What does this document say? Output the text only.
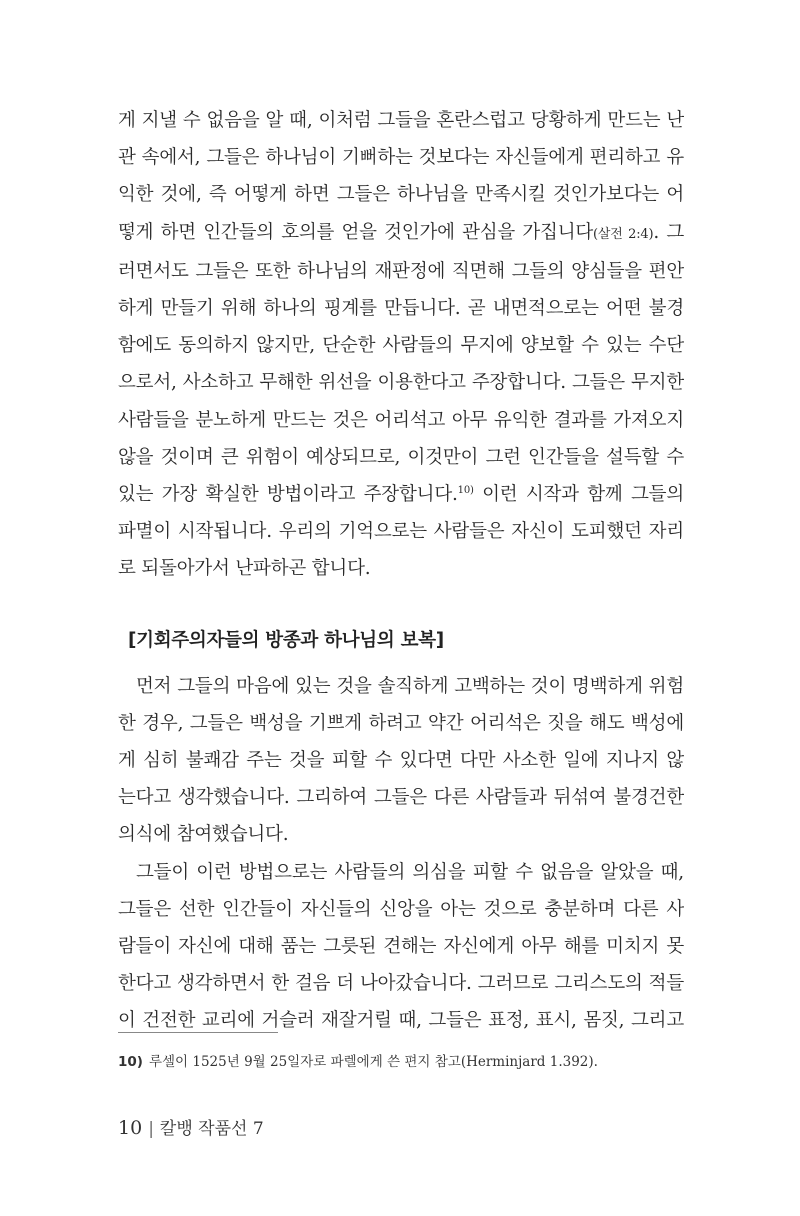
게 지낼 수 없음을 알 때, 이처럼 그들을 혼란스럽고 당황하게 만드는 난

관 속에서, 그들은 하나님이 기뻐하는 것보다는 자신들에게 편리하고 유

익한 것에, 즉 어떻게 하면 그들은 하나님을 만족시킬 것인가보다는 어

떻게 하면 인간들의 호의를 얻을 것인가에 관심을 가집니다(살전 2:4). 그

러면서도 그들은 또한 하나님의 재판정에 직면해 그들의 양심들을 편안

하게 만들기 위해 하나의 핑계를 만듭니다. 곧 내면적으로는 어떤 불경

함에도 동의하지 않지만, 단순한 사람들의 무지에 양보할 수 있는 수단

으로서, 사소하고 무해한 위선을 이용한다고 주장합니다. 그들은 무지한

사람들을 분노하게 만드는 것은 어리석고 아무 유익한 결과를 가져오지

않을 것이며 큰 위험이 예상되므로, 이것만이 그런 인간들을 설득할 수

있는 가장 확실한 방법이라고 주장합니다.$^{10)}$ 이런 시작과 함께 그들의

파멸이 시작됩니다. 우리의 기억으로는 사람들은 자신이 도피했던 자리

로 되돌아가서 난파하곤 합니다.

[기회주의자들의 방종과 하나님의 보복]

먼저 그들의 마음에 있는 것을 솔직하게 고백하는 것이 명백하게 위험

한 경우, 그들은 백성을 기쁘게 하려고 약간 어리석은 짓을 해도 백성에

게 심히 불쾌감 주는 것을 피할 수 있다면 다만 사소한 일에 지나지 않

는다고 생각했습니다. 그리하여 그들은 다른 사람들과 뒤섞여 불경건한

의식에 참여했습니다.

그들이 이런 방법으로는 사람들의 의심을 피할 수 없음을 알았을 때,

그들은 선한 인간들이 자신들의 신앙을 아는 것으로 충분하며 다른 사

람들이 자신에 대해 품는 그릇된 견해는 자신에게 아무 해를 미치지 못

한다고 생각하면서 한 걸음 더 나아갔습니다. 그러므로 그리스도의 적들

이 건전한 교리에 거슬러 재잘거릴 때, 그들은 표정, 표시, 몸짓, 그리고

10) 루셀이 1525년 9월 25일자로 파렐에게 쓴 편지 참고(Herminjard 1.392).
10 | 칼뱅 작품선 7
